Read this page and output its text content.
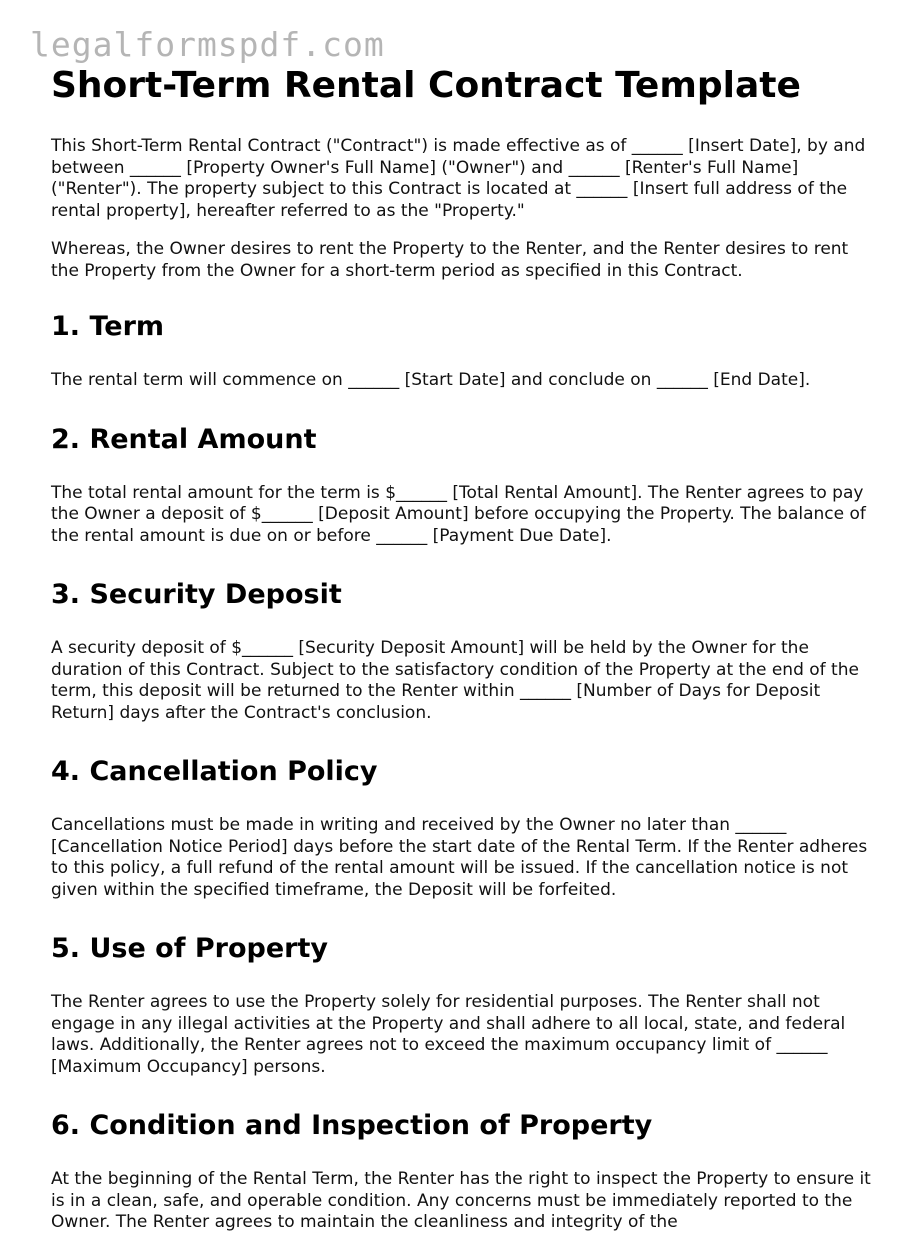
legalformspdf.com
Short-Term Rental Contract Template

This Short-Term Rental Contract ("Contract") is made effective as of ______ [Insert Date], by and between ______ [Property Owner's Full Name] ("Owner") and ______ [Renter's Full Name] ("Renter"). The property subject to this Contract is located at ______ [Insert full address of the rental property], hereafter referred to as the "Property."

Whereas, the Owner desires to rent the Property to the Renter, and the Renter desires to rent the Property from the Owner for a short-term period as specified in this Contract.

1. Term

The rental term will commence on ______ [Start Date] and conclude on ______ [End Date].

2. Rental Amount

The total rental amount for the term is $______ [Total Rental Amount]. The Renter agrees to pay the Owner a deposit of $______ [Deposit Amount] before occupying the Property. The balance of the rental amount is due on or before ______ [Payment Due Date].

3. Security Deposit

A security deposit of $______ [Security Deposit Amount] will be held by the Owner for the duration of this Contract. Subject to the satisfactory condition of the Property at the end of the term, this deposit will be returned to the Renter within ______ [Number of Days for Deposit Return] days after the Contract's conclusion.

4. Cancellation Policy

Cancellations must be made in writing and received by the Owner no later than ______ [Cancellation Notice Period] days before the start date of the Rental Term. If the Renter adheres to this policy, a full refund of the rental amount will be issued. If the cancellation notice is not given within the specified timeframe, the Deposit will be forfeited.

5. Use of Property

The Renter agrees to use the Property solely for residential purposes. The Renter shall not engage in any illegal activities at the Property and shall adhere to all local, state, and federal laws. Additionally, the Renter agrees not to exceed the maximum occupancy limit of ______ [Maximum Occupancy] persons.

6. Condition and Inspection of Property

At the beginning of the Rental Term, the Renter has the right to inspect the Property to ensure it is in a clean, safe, and operable condition. Any concerns must be immediately reported to the Owner. The Renter agrees to maintain the cleanliness and integrity of the
